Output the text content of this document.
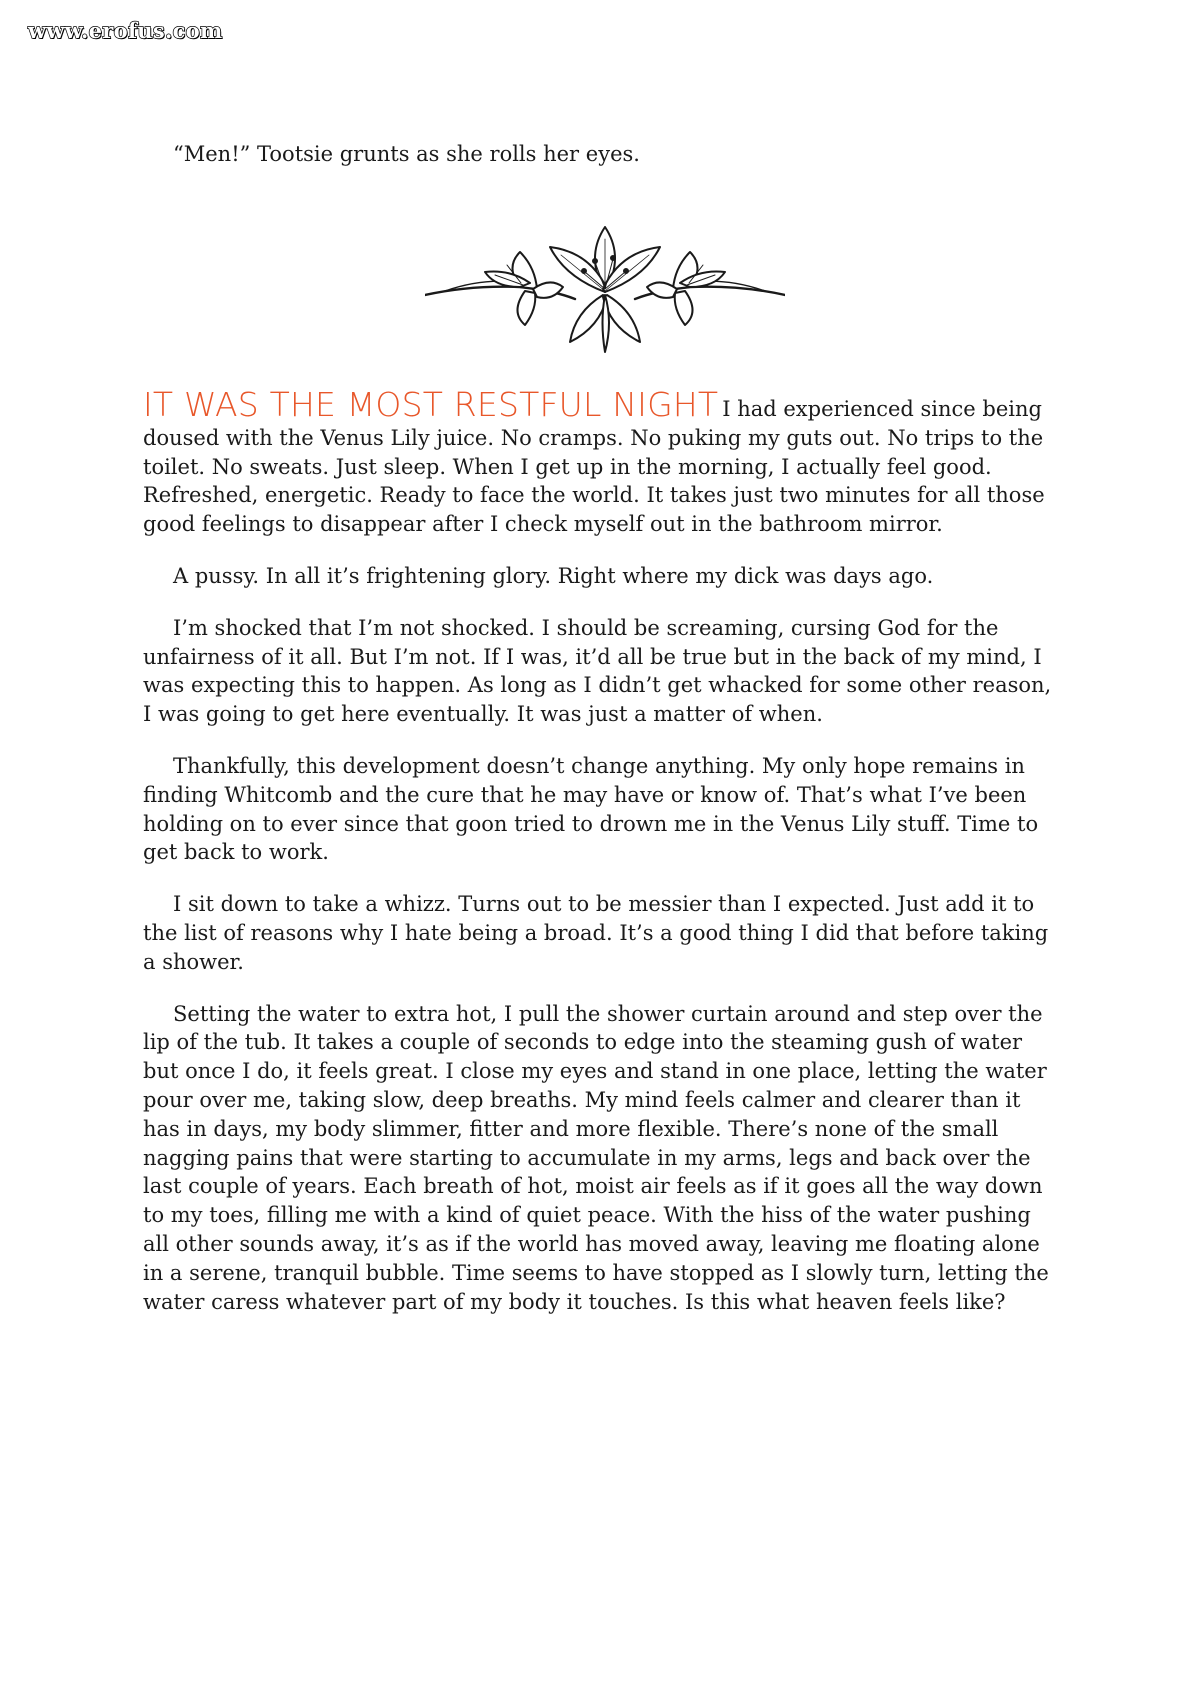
www.erofus.com

“Men!” Tootsie grunts as she rolls her eyes.

IT WAS THE MOST RESTFUL NIGHT I had experienced since being doused with the Venus Lily juice. No cramps. No puking my guts out. No trips to the toilet. No sweats. Just sleep. When I get up in the morning, I actually feel good. Refreshed, energetic. Ready to face the world. It takes just two minutes for all those good feelings to disappear after I check myself out in the bathroom mirror.

A pussy. In all it’s frightening glory. Right where my dick was days ago.

I’m shocked that I’m not shocked. I should be screaming, cursing God for the unfairness of it all. But I’m not. If I was, it’d all be true but in the back of my mind, I was expecting this to happen. As long as I didn’t get whacked for some other reason, I was going to get here eventually. It was just a matter of when.

Thankfully, this development doesn’t change anything. My only hope remains in finding Whitcomb and the cure that he may have or know of. That’s what I’ve been holding on to ever since that goon tried to drown me in the Venus Lily stuff. Time to get back to work.

I sit down to take a whizz. Turns out to be messier than I expected. Just add it to the list of reasons why I hate being a broad. It’s a good thing I did that before taking a shower.

Setting the water to extra hot, I pull the shower curtain around and step over the lip of the tub. It takes a couple of seconds to edge into the steaming gush of water but once I do, it feels great. I close my eyes and stand in one place, letting the water pour over me, taking slow, deep breaths. My mind feels calmer and clearer than it has in days, my body slimmer, fitter and more flexible. There’s none of the small nagging pains that were starting to accumulate in my arms, legs and back over the last couple of years. Each breath of hot, moist air feels as if it goes all the way down to my toes, filling me with a kind of quiet peace. With the hiss of the water pushing all other sounds away, it’s as if the world has moved away, leaving me floating alone in a serene, tranquil bubble. Time seems to have stopped as I slowly turn, letting the water caress whatever part of my body it touches. Is this what heaven feels like?
